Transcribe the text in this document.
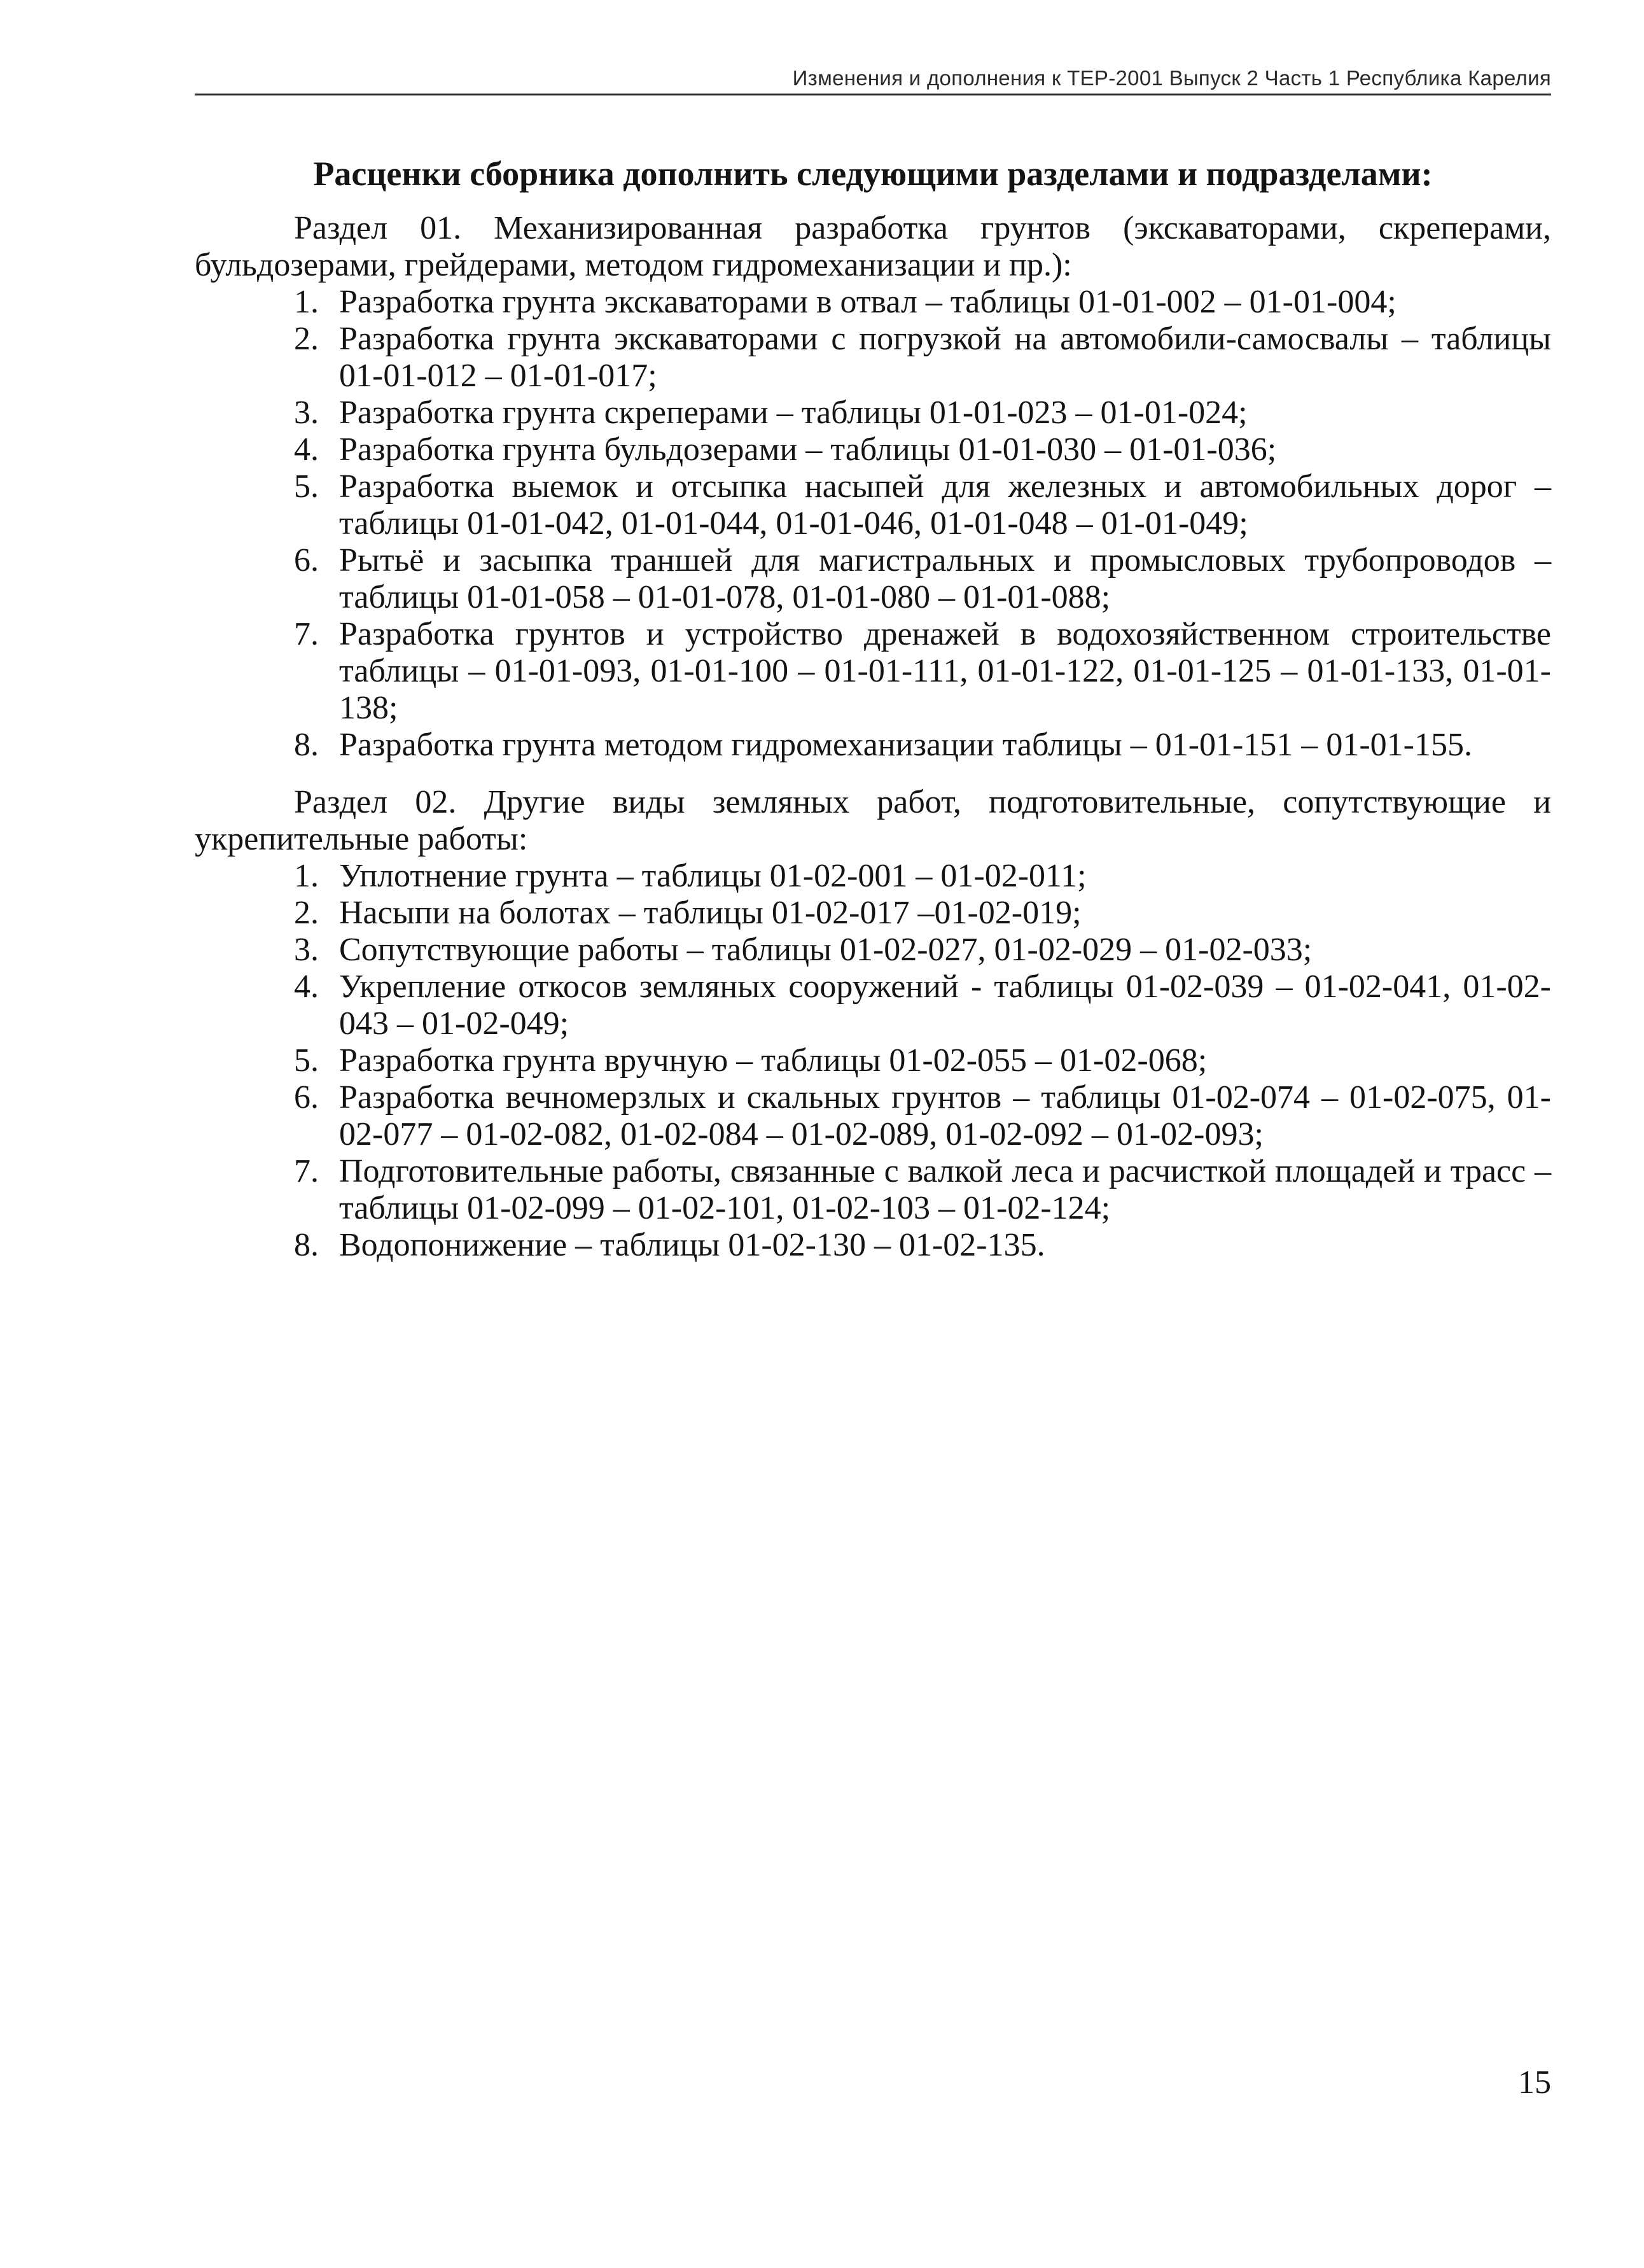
Изменения и дополнения к ТЕР-2001 Выпуск 2 Часть 1 Республика Карелия
Расценки сборника дополнить следующими разделами и подразделами:

Раздел 01. Механизированная разработка грунтов (экскаваторами, скреперами, бульдозерами, грейдерами, методом гидромеханизации и пр.):

1. Разработка грунта экскаваторами в отвал – таблицы 01-01-002 – 01-01-004;
2. Разработка грунта экскаваторами с погрузкой на автомобили-самосвалы – таблицы 01-01-012 – 01-01-017;
3. Разработка грунта скреперами – таблицы 01-01-023 – 01-01-024;
4. Разработка грунта бульдозерами – таблицы 01-01-030 – 01-01-036;
5. Разработка выемок и отсыпка насыпей для железных и автомобильных дорог – таблицы 01-01-042, 01-01-044, 01-01-046, 01-01-048 – 01-01-049;
6. Рытьё и засыпка траншей для магистральных и промысловых трубопроводов – таблицы 01-01-058 – 01-01-078, 01-01-080 – 01-01-088;
7. Разработка грунтов и устройство дренажей в водохозяйственном строительстве таблицы – 01-01-093, 01-01-100 – 01-01-111, 01-01-122, 01-01-125 – 01-01-133, 01-01-138;
8. Разработка грунта методом гидромеханизации таблицы – 01-01-151 – 01-01-155.

Раздел 02. Другие виды земляных работ, подготовительные, сопутствующие и укрепительные работы:

1. Уплотнение грунта – таблицы 01-02-001 – 01-02-011;
2. Насыпи на болотах – таблицы 01-02-017 –01-02-019;
3. Сопутствующие работы – таблицы 01-02-027, 01-02-029 – 01-02-033;
4. Укрепление откосов земляных сооружений - таблицы 01-02-039 – 01-02-041, 01-02-043 – 01-02-049;
5. Разработка грунта вручную – таблицы 01-02-055 – 01-02-068;
6. Разработка вечномерзлых и скальных грунтов – таблицы 01-02-074 – 01-02-075, 01-02-077 – 01-02-082, 01-02-084 – 01-02-089, 01-02-092 – 01-02-093;
7. Подготовительные работы, связанные с валкой леса и расчисткой площадей и трасс – таблицы 01-02-099 – 01-02-101, 01-02-103 – 01-02-124;
8. Водопонижение – таблицы 01-02-130 – 01-02-135.
15
